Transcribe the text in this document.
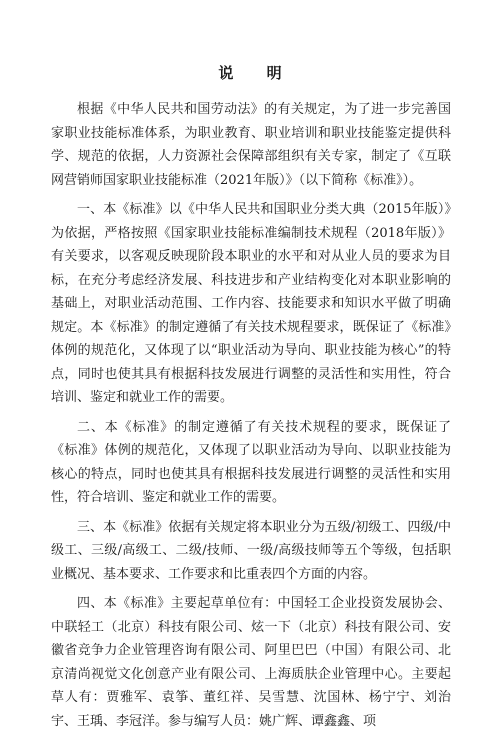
说 明

根据《中华人民共和国劳动法》的有关规定，为了进一步完善国家职业技能标准体系，为职业教育、职业培训和职业技能鉴定提供科学、规范的依据，人力资源社会保障部组织有关专家，制定了《互联网营销师国家职业技能标准（2021年版）》（以下简称《标准》）。

一、本《标准》以《中华人民共和国职业分类大典（2015年版）》为依据，严格按照《国家职业技能标准编制技术规程（2018年版）》有关要求，以客观反映现阶段本职业的水平和对从业人员的要求为目标，在充分考虑经济发展、科技进步和产业结构变化对本职业影响的基础上，对职业活动范围、工作内容、技能要求和知识水平做了明确规定。本《标准》的制定遵循了有关技术规程要求，既保证了《标准》体例的规范化，又体现了以“职业活动为导向、职业技能为核心”的特点，同时也使其具有根据科技发展进行调整的灵活性和实用性，符合培训、鉴定和就业工作的需要。

二、本《标准》的制定遵循了有关技术规程的要求，既保证了《标准》体例的规范化，又体现了以职业活动为导向、以职业技能为核心的特点，同时也使其具有根据科技发展进行调整的灵活性和实用性，符合培训、鉴定和就业工作的需要。

三、本《标准》依据有关规定将本职业分为五级/初级工、四级/中级工、三级/高级工、二级/技师、一级/高级技师等五个等级，包括职业概况、基本要求、工作要求和比重表四个方面的内容。

四、本《标准》主要起草单位有：中国轻工企业投资发展协会、中联轻工（北京）科技有限公司、炫一下（北京）科技有限公司、安徽省竞争力企业管理咨询有限公司、阿里巴巴（中国）有限公司、北京清尚视觉文化创意产业有限公司、上海质肤企业管理中心。主要起草人有：贾雅军、袁筝、董红祥、吴雪慧、沈国林、杨宁宁、刘治宇、王瑀、李冠洋。参与编写人员：姚广辉、谭鑫鑫、项
